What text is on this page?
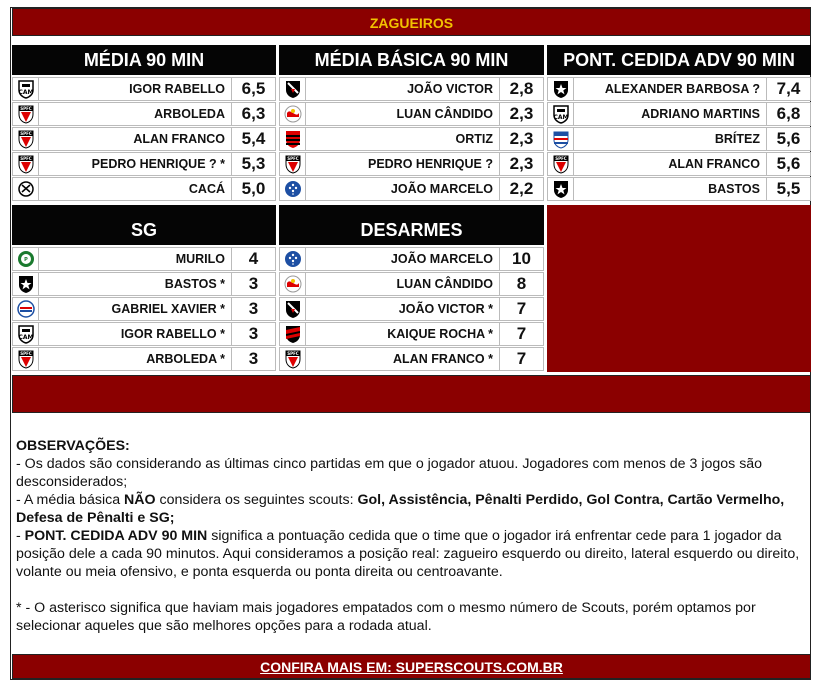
ZAGUEIROS
MÉDIA 90 MIN	MÉDIA BÁSICA 90 MIN	PONT. CEDIDA ADV 90 MIN
SG	DESARMES
CAM	IGOR RABELLO 6,5
SPFC	ARBOLEDA 6,3
SPFC	ALAN FRANCO 5,4
SPFC	PEDRO HENRIQUE ? * 5,3
CACÁ 5,0
JOÃO VICTOR 2,8
LUAN CÂNDIDO 2,3
ORTIZ 2,3
SPFC	PEDRO HENRIQUE ? 2,3
JOÃO MARCELO 2,2
ALEXANDER BARBOSA ? 7,4
CAM	ADRIANO MARTINS 6,8
BRÍTEZ 5,6
SPFC	ALAN FRANCO 5,6
BASTOS 5,5
P	MURILO	4
BASTOS *	3
GABRIEL XAVIER *	3
CAM	IGOR RABELLO *	3
SPFC	ARBOLEDA *	3
JOÃO MARCELO	10
LUAN CÂNDIDO	8
JOÃO VICTOR *	7
KAIQUE ROCHA *	7
SPFC	ALAN FRANCO *	7
OBSERVAÇÕES:
- Os dados são considerando as últimas cinco partidas em que o jogador atuou. Jogadores com menos de 3 jogos são desconsiderados;
- A média básica NÃO considera os seguintes scouts: Gol, Assistência, Pênalti Perdido, Gol Contra, Cartão Vermelho, Defesa de Pênalti e SG;
- PONT. CEDIDA ADV 90 MIN significa a pontuação cedida que o time que o jogador irá enfrentar cede para 1 jogador da posição dele a cada 90 minutos. Aqui consideramos a posição real: zagueiro esquerdo ou direito, lateral esquerdo ou direito, volante ou meia ofensivo, e ponta esquerda ou ponta direita ou centroavante.
* - O asterisco significa que haviam mais jogadores empatados com o mesmo número de Scouts, porém optamos por selecionar aqueles que são melhores opções para a rodada atual.
CONFIRA MAIS EM: SUPERSCOUTS.COM.BR
